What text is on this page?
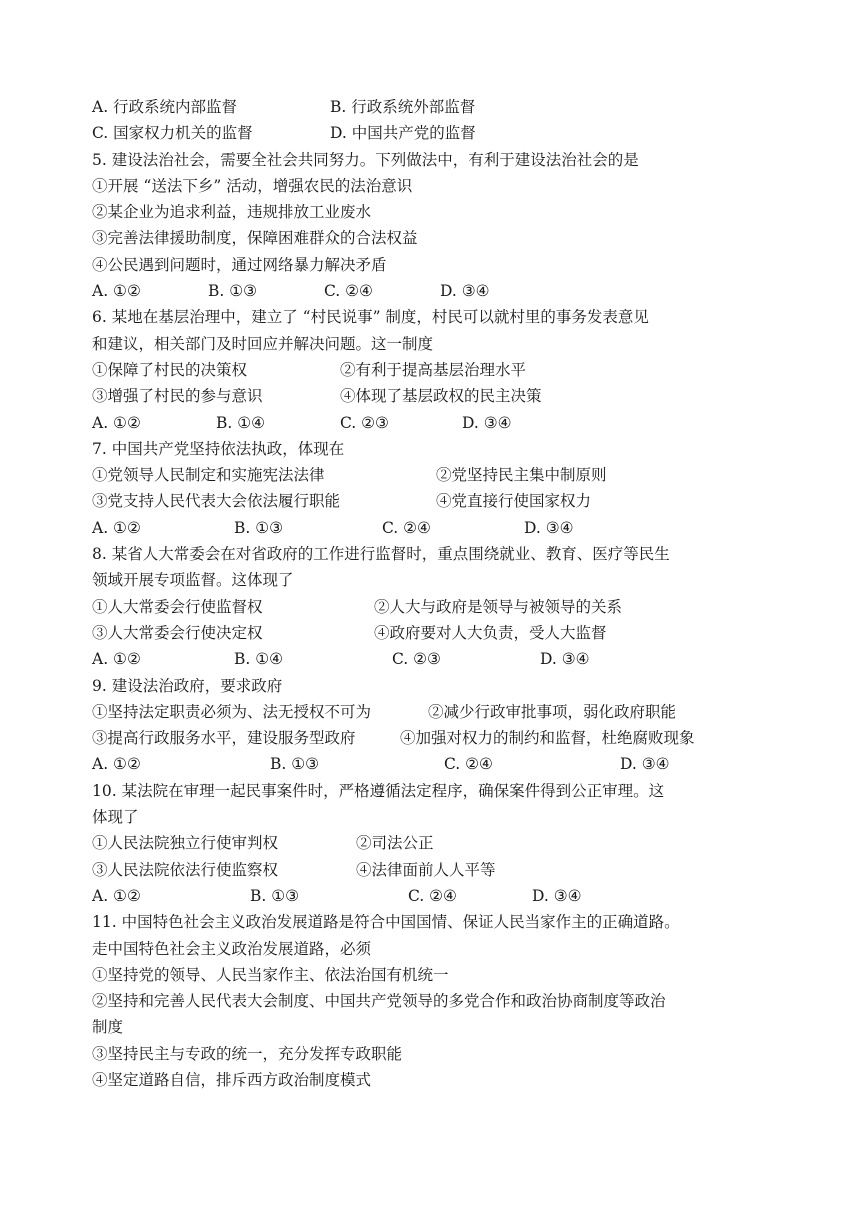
A. 行政系统内部监督	B. 行政系统外部监督
C. 国家权力机关的监督	D. 中国共产党的监督
5. 建设法治社会，需要全社会共同努力。下列做法中，有利于建设法治社会的是
①开展 “送法下乡” 活动，增强农民的法治意识
②某企业为追求利益，违规排放工业废水
③完善法律援助制度，保障困难群众的合法权益
④公民遇到问题时，通过网络暴力解决矛盾
A. ①②	B. ①③	C. ②④	D. ③④
6. 某地在基层治理中，建立了 “村民说事” 制度，村民可以就村里的事务发表意见
和建议，相关部门及时回应并解决问题。这一制度
①保障了村民的决策权	②有利于提高基层治理水平
③增强了村民的参与意识	④体现了基层政权的民主决策
A. ①②	B. ①④	C. ②③	D. ③④
7. 中国共产党坚持依法执政，体现在
①党领导人民制定和实施宪法法律	②党坚持民主集中制原则
③党支持人民代表大会依法履行职能	④党直接行使国家权力
A. ①②	B. ①③	C. ②④	D. ③④
8. 某省人大常委会在对省政府的工作进行监督时，重点围绕就业、教育、医疗等民生
领域开展专项监督。这体现了
①人大常委会行使监督权	②人大与政府是领导与被领导的关系
③人大常委会行使决定权	④政府要对人大负责，受人大监督
A. ①②	B. ①④	C. ②③	D. ③④
9. 建设法治政府，要求政府
①坚持法定职责必须为、法无授权不可为	②减少行政审批事项，弱化政府职能
③提高行政服务水平，建设服务型政府	④加强对权力的制约和监督，杜绝腐败现象
A. ①②	B. ①③	C. ②④	D. ③④
10. 某法院在审理一起民事案件时，严格遵循法定程序，确保案件得到公正审理。这
体现了
①人民法院独立行使审判权	②司法公正
③人民法院依法行使监察权	④法律面前人人平等
A. ①②	B. ①③	C. ②④	D. ③④
11. 中国特色社会主义政治发展道路是符合中国国情、保证人民当家作主的正确道路。
走中国特色社会主义政治发展道路，必须
①坚持党的领导、人民当家作主、依法治国有机统一
②坚持和完善人民代表大会制度、中国共产党领导的多党合作和政治协商制度等政治
制度
③坚持民主与专政的统一，充分发挥专政职能
④坚定道路自信，排斥西方政治制度模式
